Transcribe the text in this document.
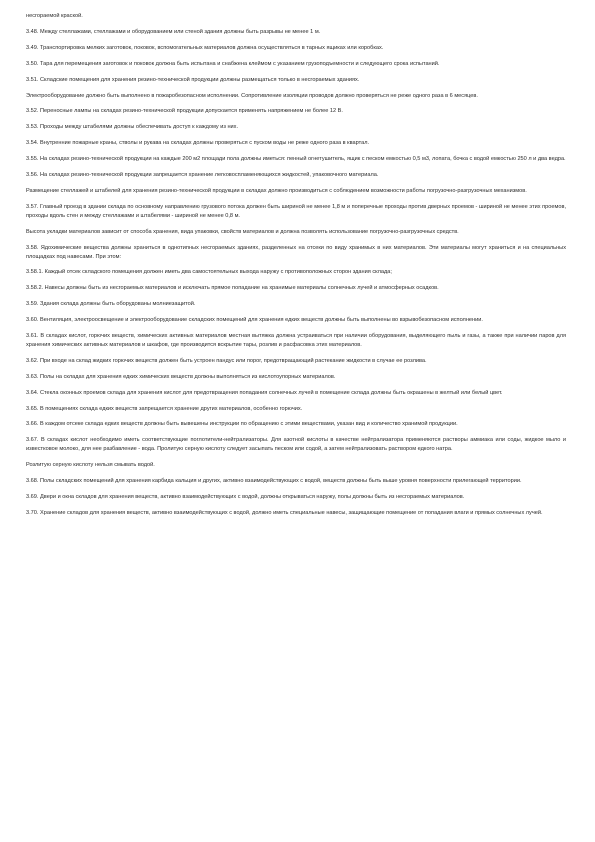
несгораемой краской.

3.48. Между стеллажами, стеллажами и оборудованием или стеной здания должны быть разрывы не менее 1 м.

3.49. Транспортировка мелких заготовок, поковок, вспомогательных материалов должна осуществляться в тарных ящиках или коробках.

3.50. Тара для перемещения заготовок и поковок должна быть испытана и снабжена клеймом с указанием грузоподъемности и следующего срока испытаний.

3.51. Складские помещения для хранения резино-технической продукции должны размещаться только в несгораемых зданиях.

Электрооборудование должно быть выполнено в пожаробезопасном исполнении. Сопротивление изоляции проводов должно проверяться не реже одного раза в 6 месяцев.

3.52. Переносные лампы на складах резино-технической продукции допускается применять напряжением не более 12 В.

3.53. Проходы между штабелями должны обеспечивать доступ к каждому из них.

3.54. Внутренние пожарные краны, стволы и рукава на складах должны проверяться с пуском воды не реже одного раза в квартал.

3.55. На складах резино-технической продукции на каждые 200 м2 площади пола должны иметься: пенный огнетушитель, ящик с песком емкостью 0,5 м3, лопата, бочка с водой емкостью 250 л и два ведра.

3.56. На складах резино-технической продукции запрещается хранение легковоспламеняющихся жидкостей, упаковочного материала.

Размещение стеллажей и штабелей для хранения резино-технической продукции в складах должно производиться с соблюдением возможности работы погрузочно-разгрузочных механизмов.

3.57. Главный проезд в здании склада по основному направлению грузового потока должен быть шириной не менее 1,8 м и поперечные проходы против дверных проемов - шириной не менее этих проемов, проходы вдоль стен и между стеллажами и штабелями - шириной не менее 0,8 м.

Высота укладки материалов зависит от способа хранения, вида упаковки, свойств материалов и должна позволять использование погрузочно-разгрузочных средств.

3.58. Ядохимические вещества должны храниться в однотипных несгораемых зданиях, разделенных на отсеки по виду хранимых в них материалов. Эти материалы могут храниться и на специальных площадках под навесами. При этом:

3.58.1. Каждый отсек складского помещения должен иметь два самостоятельных выхода наружу с противоположных сторон здания склада;

3.58.2. Навесы должны быть из несгораемых материалов и исключать прямое попадание на хранимые материалы солнечных лучей и атмосферных осадков.

3.59. Здания склада должны быть оборудованы молниезащитой.

3.60. Вентиляция, электроосвещение и электрооборудование складских помещений для хранения едких веществ должны быть выполнены во взрывобезопасном исполнении.

3.61. В складах кислот, горючих веществ, химических активных материалов местная вытяжка должна устраиваться при наличии оборудования, выделяющего пыль и газы, а также при наличии паров для хранения химических активных материалов и шкафов, где производится вскрытие тары, розлив и расфасовка этих материалов.

3.62. При входе на склад жидких горючих веществ должен быть устроен пандус или порог, предотвращающий растекание жидкости в случае ее розлива.

3.63. Полы на складах для хранения едких химических веществ должны выполняться из кислотоупорных материалов.

3.64. Стекла оконных проемов склада для хранения кислот для предотвращения попадания солнечных лучей в помещение склада должны быть окрашены в желтый или белый цвет.

3.65. В помещениях склада едких веществ запрещается хранение других материалов, особенно горючих.

3.66. В каждом отсеке склада едких веществ должны быть вывешены инструкции по обращению с этими веществами, указан вид и количество хранимой продукции.

3.67. В складах кислот необходимо иметь соответствующие поглотители-нейтрализаторы. Для азотной кислоты в качестве нейтрализатора применяются растворы аммиака или соды, жидкое мыло и известковое молоко, для нее разбавление - вода. Пролитую серную кислоту следует засыпать песком или содой, а затем нейтрализовать раствором едкого натра.

Розлитую серную кислоту нельзя смывать водой.

3.68. Полы складских помещений для хранения карбида кальция и других, активно взаимодействующих с водой, веществ должны быть выше уровня поверхности прилегающей территории.

3.69. Двери и окна складов для хранения веществ, активно взаимодействующих с водой, должны открываться наружу, полы должны быть из несгораемых материалов.

3.70. Хранение складов для хранения веществ, активно взаимодействующих с водой, должно иметь специальные навесы, защищающие помещение от попадания влаги и прямых солнечных лучей.
